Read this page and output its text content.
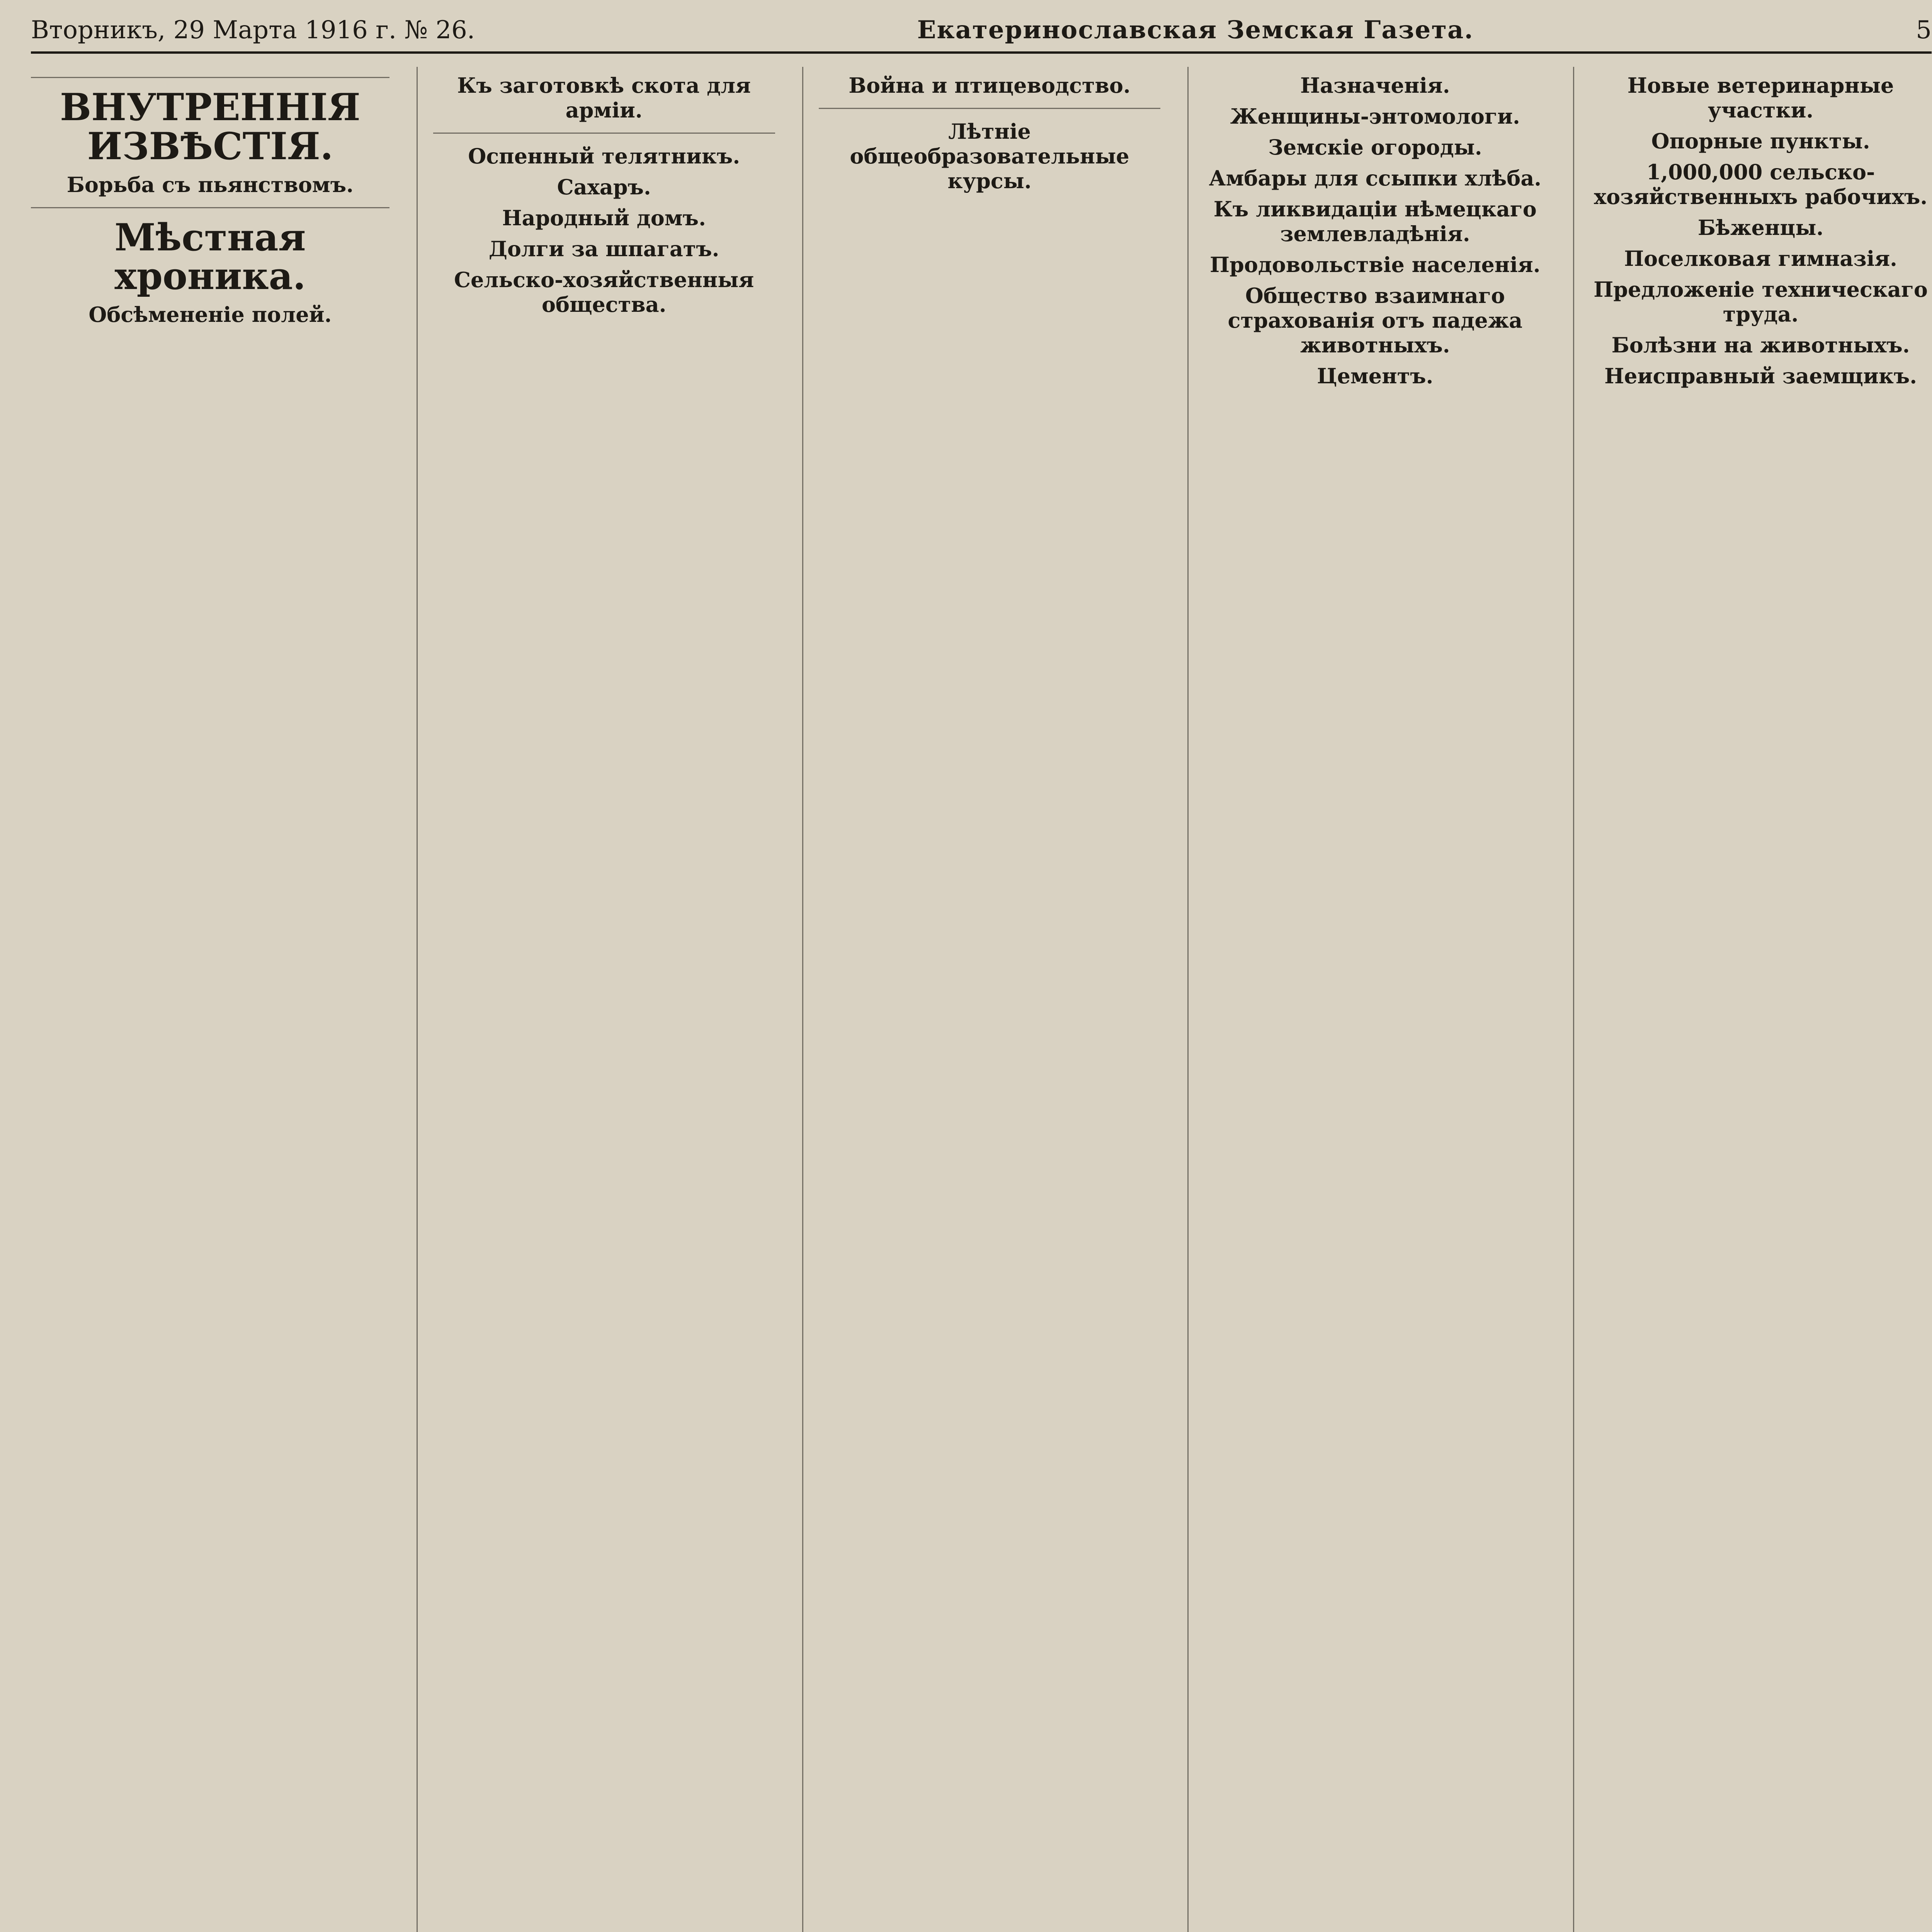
Вторникъ, 29 Марта 1916 г. № 26.	Екатеринославская Земская Газета.	5
ВНУТРЕННІЯ ИЗВѢСТІЯ.
Борьба съ пьянствомъ.
Мѣстная хроника.
Обсѣмененіе полей.
Къ заготовкѣ скота для арміи.
Оспенный телятникъ.
Сахаръ.
Народный домъ.
Долги за шпагатъ.
Сельско-хозяйственныя общества.
Война и птицеводство.
Лѣтніе общеобразовательные курсы.
Назначенія.
Женщины-энтомологи.
Земскіе огороды.
Амбары для ссыпки хлѣба.
Къ ликвидаціи нѣмецкаго землевладѣнія.
Продовольствіе населенія.
Общество взаимнаго страхованія отъ падежа животныхъ.
Цементъ.
Новые ветеринарные участки.
Опорные пункты.
1,000,000 сельско-хозяйственныхъ рабочихъ.
Бѣженцы.
Поселковая гимназія.
Предложеніе техническаго труда.
Болѣзни на животныхъ.
Неисправный заемщикъ.
